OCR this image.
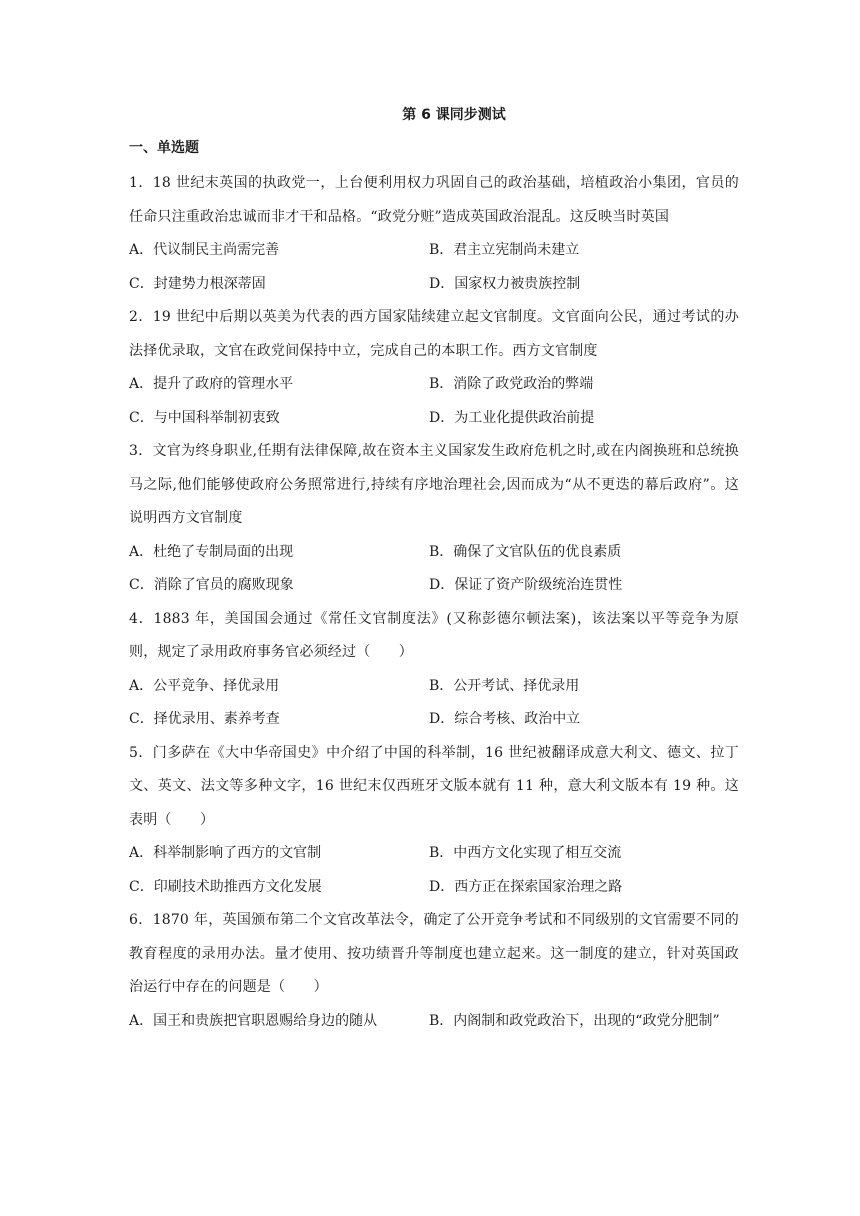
第 6 课同步测试
一、单选题

1．18 世纪末英国的执政党一，上台便利用权力巩固自己的政治基础，培植政治小集团，官员的任命只注重政治忠诚而非才干和品格。“政党分赃”造成英国政治混乱。这反映当时英国

A．代议制民主尚需完善	B．君主立宪制尚未建立
C．封建势力根深蒂固	D．国家权力被贵族控制

2．19 世纪中后期以英美为代表的西方国家陆续建立起文官制度。文官面向公民，通过考试的办法择优录取，文官在政党间保持中立，完成自己的本职工作。西方文官制度

A．提升了政府的管理水平	B．消除了政党政治的弊端
C．与中国科举制初衷致	D．为工业化提供政治前提

3．文官为终身职业,任期有法律保障,故在资本主义国家发生政府危机之时,或在内阁换班和总统换马之际,他们能够使政府公务照常进行,持续有序地治理社会,因而成为“从不更迭的幕后政府”。这说明西方文官制度

A．杜绝了专制局面的出现	B．确保了文官队伍的优良素质
C．消除了官员的腐败现象	D．保证了资产阶级统治连贯性

4．1883 年，美国国会通过《常任文官制度法》(又称彭德尔顿法案)，该法案以平等竞争为原则，规定了录用政府事务官必须经过（　　）

A．公平竞争、择优录用	B．公开考试、择优录用
C．择优录用、素养考查	D．综合考核、政治中立

5．门多萨在《大中华帝国史》中介绍了中国的科举制，16 世纪被翻译成意大利文、德文、拉丁文、英文、法文等多种文字，16 世纪末仅西班牙文版本就有 11 种，意大利文版本有 19 种。这表明（　　）

A．科举制影响了西方的文官制	B．中西方文化实现了相互交流
C．印刷技术助推西方文化发展	D．西方正在探索国家治理之路

6．1870 年，英国颁布第二个文官改革法令，确定了公开竞争考试和不同级别的文官需要不同的教育程度的录用办法。量才使用、按功绩晋升等制度也建立起来。这一制度的建立，针对英国政治运行中存在的问题是（　　）

A．国王和贵族把官职恩赐给身边的随从	B．内阁制和政党政治下，出现的“政党分肥制”
